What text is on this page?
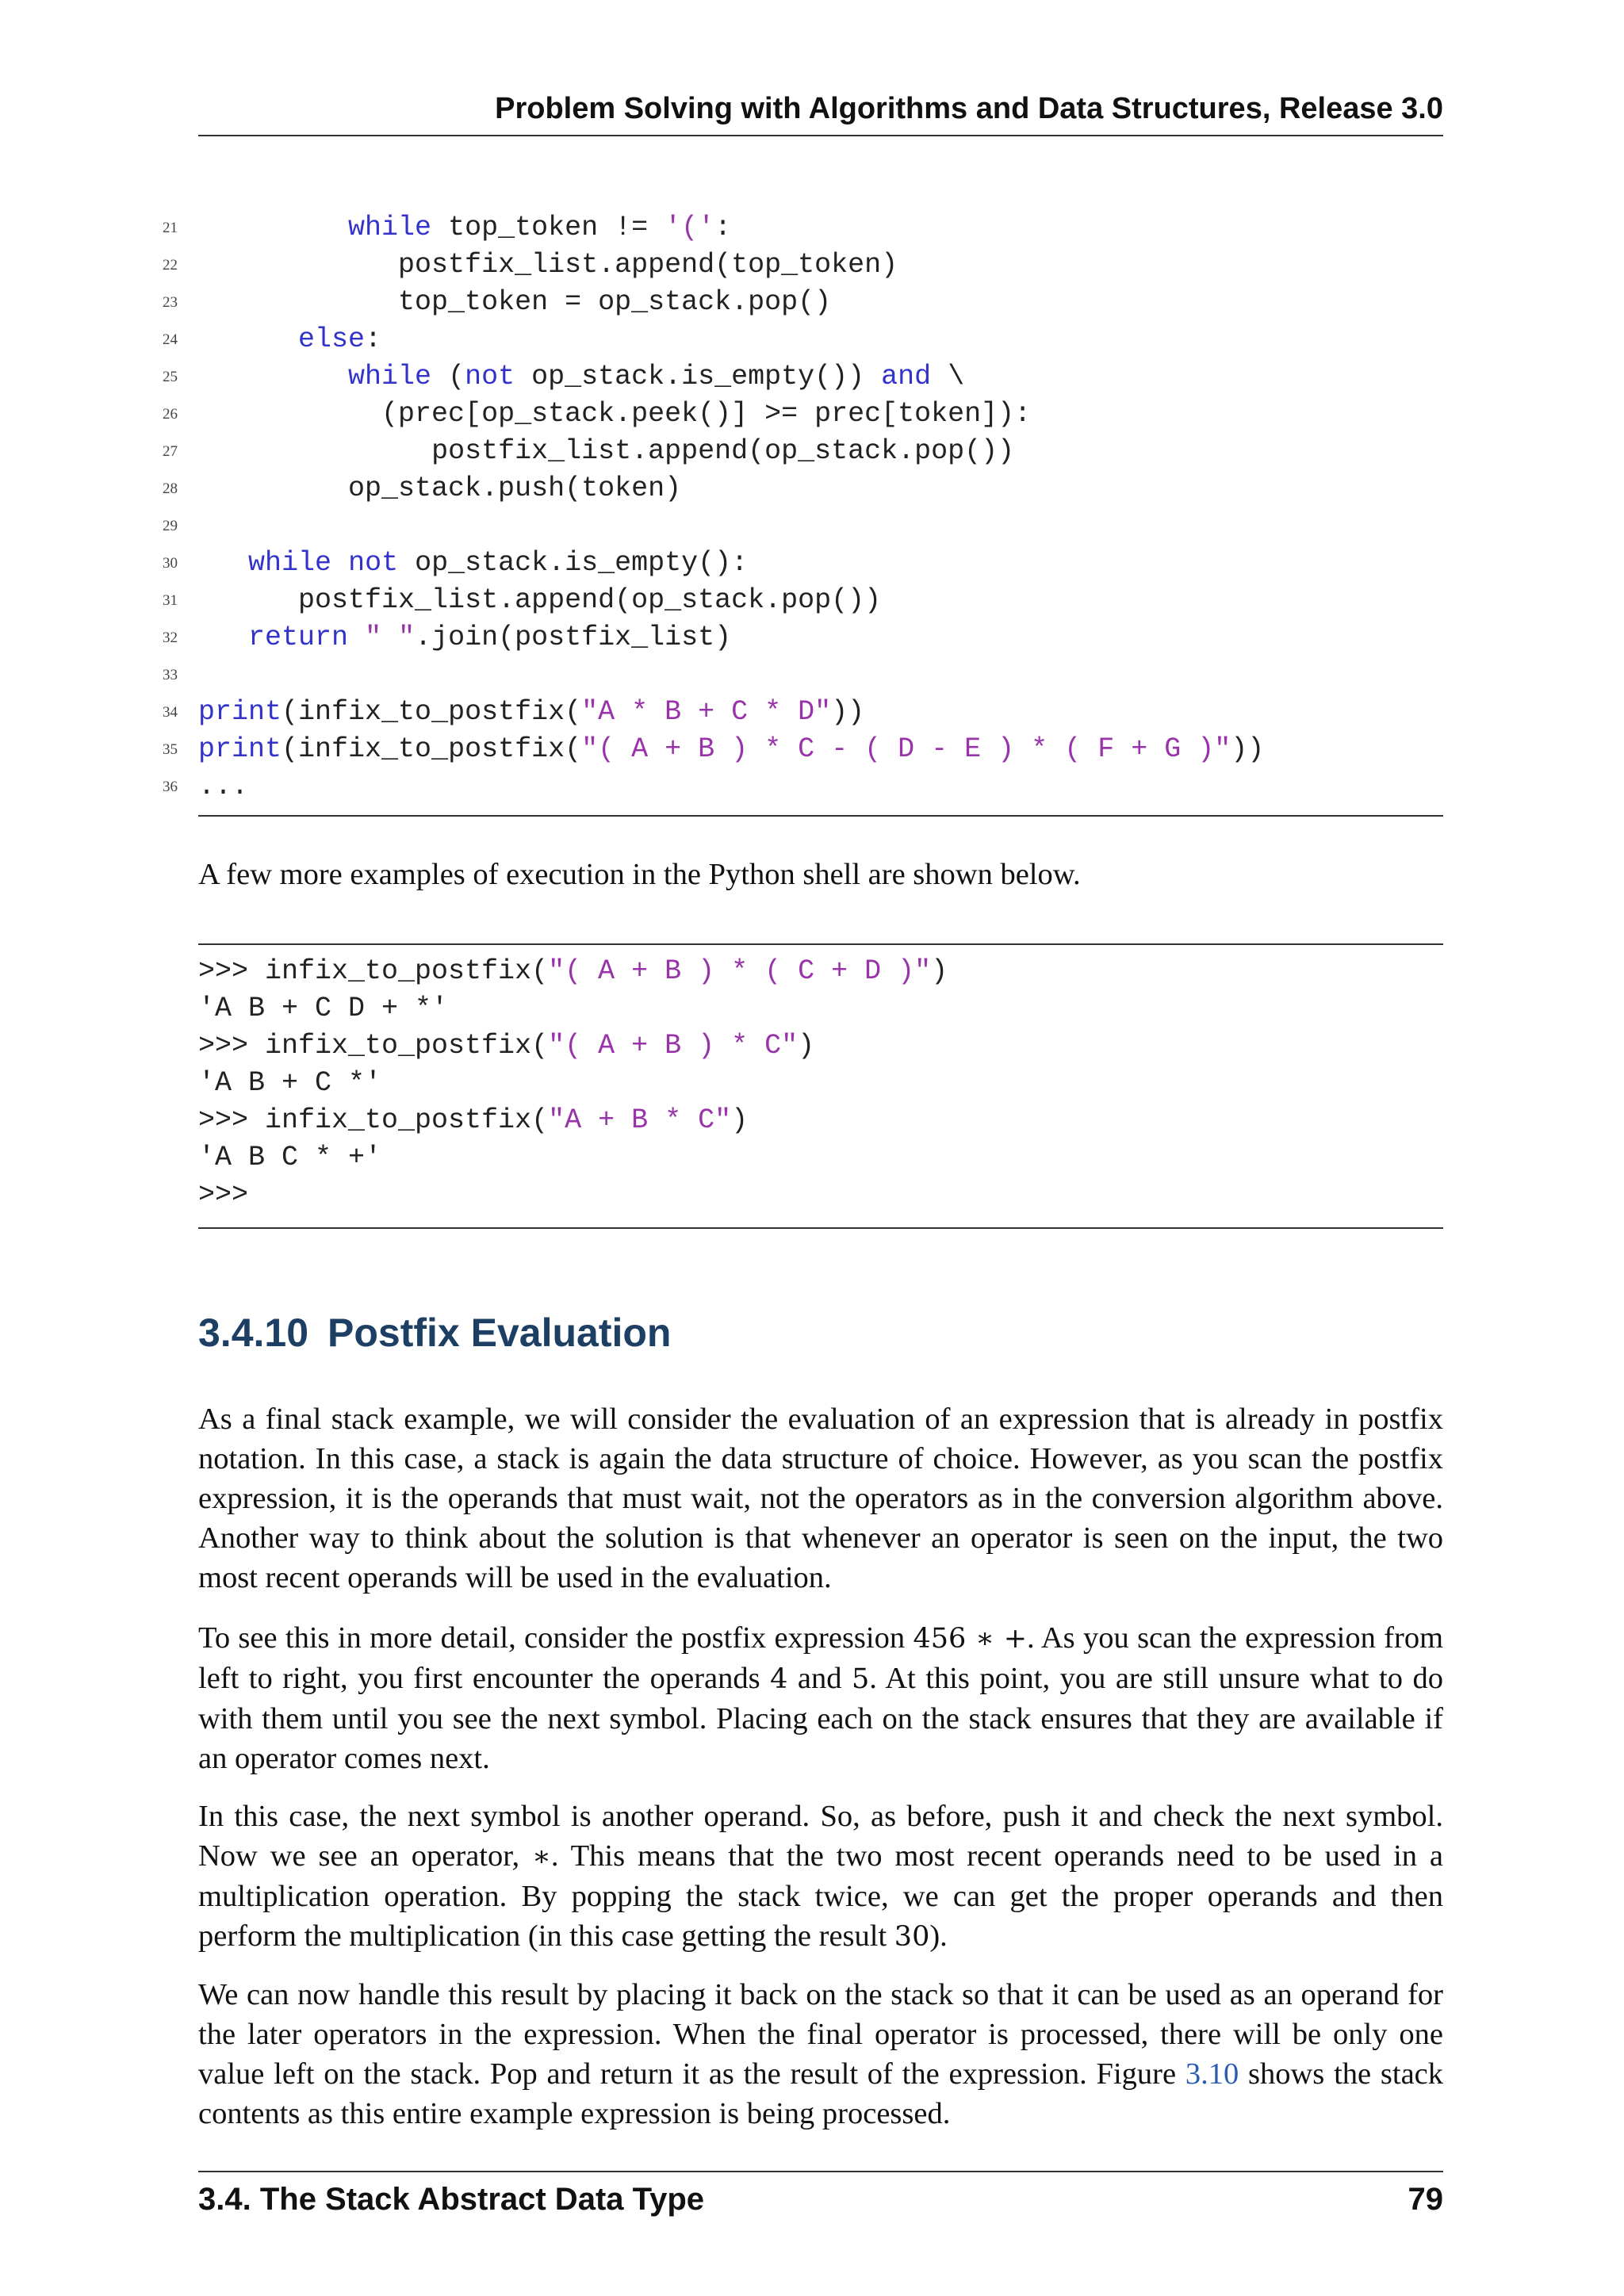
Problem Solving with Algorithms and Data Structures, Release 3.0
21	while top_token != '(':
22	postfix_list.append(top_token)
23	top_token = op_stack.pop()
24	else:
25	while (not op_stack.is_empty()) and \
26	(prec[op_stack.peek()] >= prec[token]):
27	postfix_list.append(op_stack.pop())
28	op_stack.push(token)
29
30	while not op_stack.is_empty():
31	postfix_list.append(op_stack.pop())
32	return " ".join(postfix_list)
33
34 print(infix_to_postfix("A * B + C * D"))
35 print(infix_to_postfix("( A + B ) * C - ( D - E ) * ( F + G )"))
36 ...

A few more examples of execution in the Python shell are shown below.

>>> infix_to_postfix("( A + B ) * ( C + D )")
'A B + C D + *'
>>> infix_to_postfix("( A + B ) * C")
'A B + C *'
>>> infix_to_postfix("A + B * C")
'A B C * +'
>>>
3.4.10 Postfix Evaluation

As a final stack example, we will consider the evaluation of an expression that is already in postfix notation. In this case, a stack is again the data structure of choice. However, as you scan the postfix expression, it is the operands that must wait, not the operators as in the conversion algorithm above. Another way to think about the solution is that whenever an operator is seen on the input, the two most recent operands will be used in the evaluation.

To see this in more detail, consider the postfix expression 456 ∗ +. As you scan the expression from left to right, you first encounter the operands 4 and 5. At this point, you are still unsure what to do with them until you see the next symbol. Placing each on the stack ensures that they are available if an operator comes next.

In this case, the next symbol is another operand. So, as before, push it and check the next symbol. Now we see an operator, ∗. This means that the two most recent operands need to be used in a multiplication operation. By popping the stack twice, we can get the proper operands and then perform the multiplication (in this case getting the result 30).

We can now handle this result by placing it back on the stack so that it can be used as an operand for the later operators in the expression. When the final operator is processed, there will be only one value left on the stack. Pop and return it as the result of the expression. Figure 3.10 shows the stack contents as this entire example expression is being processed.

3.4. The Stack Abstract Data Type	79
